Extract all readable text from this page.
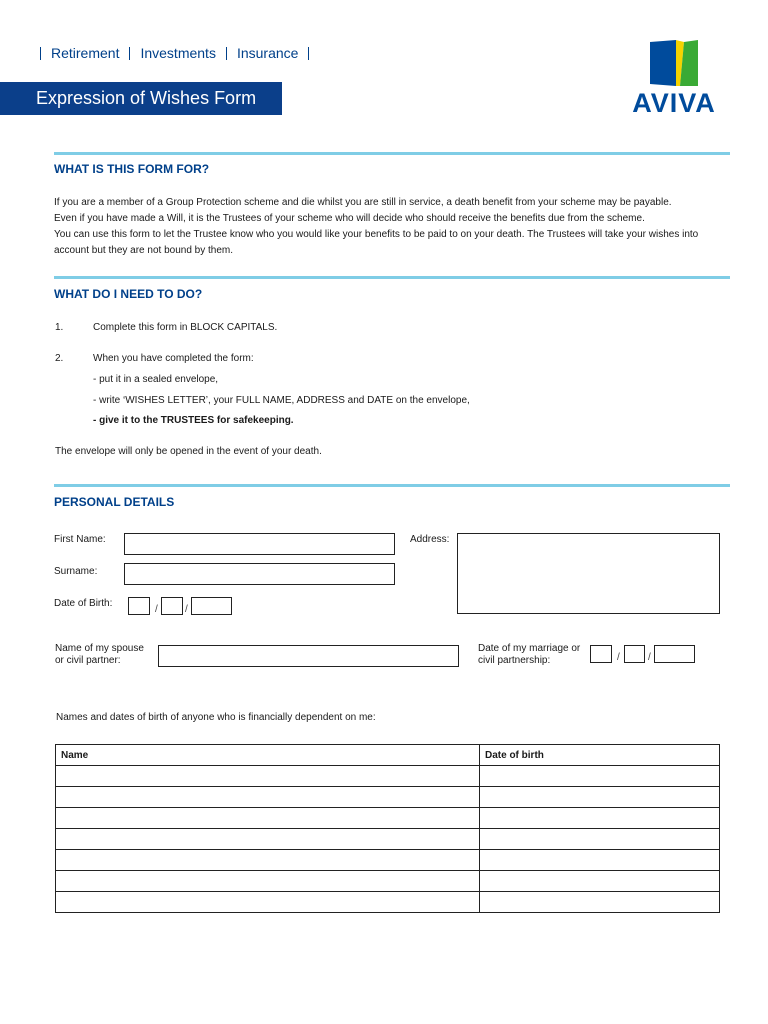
Retirement	Investments	Insurance
Expression of Wishes Form	AVIVA
WHAT IS THIS FORM FOR?

If you are a member of a Group Protection scheme and die whilst you are still in service, a death benefit from your scheme may be payable.

Even if you have made a Will, it is the Trustees of your scheme who will decide who should receive the benefits due from the scheme.

You can use this form to let the Trustee know who you would like your benefits to be paid to on your death. The Trustees will take your wishes into

account but they are not bound by them.

WHAT DO I NEED TO DO?
1.	Complete this form in BLOCK CAPITALS.
2.	When you have completed the form:
- put it in a sealed envelope,
- write ‘WISHES LETTER’, your FULL NAME, ADDRESS and DATE on the envelope,
- give it to the TRUSTEES for safekeeping.
The envelope will only be opened in the event of your death.
PERSONAL DETAILS
First Name:
Surname:
Date of Birth:
/	/
Address:
Name of my spouse
or civil partner:
Date of my marriage or
civil partnership:	/	/
Names and dates of birth of anyone who is financially dependent on me:
Name	Date of birth
